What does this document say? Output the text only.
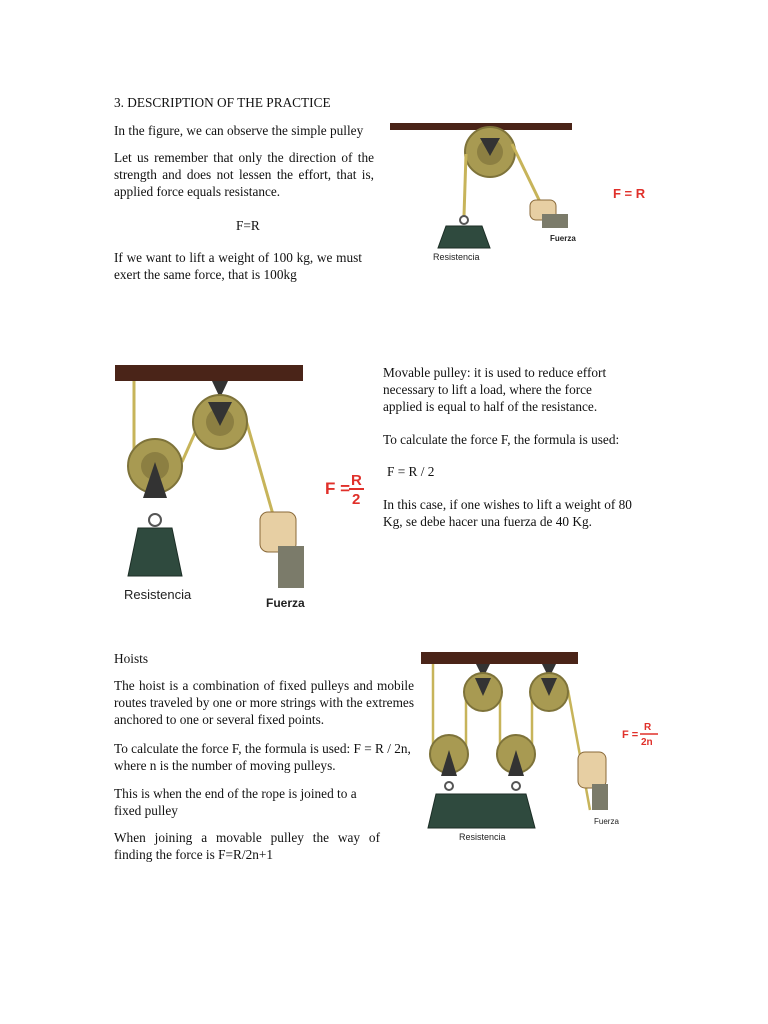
3. DESCRIPTION OF THE PRACTICE
In the figure, we can observe the simple pulley
Let us remember that only the direction of the strength and does not lessen the effort, that is, applied force equals resistance.
F=R
If we want to lift a weight of 100 kg, we must exert the same force, that is 100kg
F = R
Resistencia
Fuerza
Resistencia
Fuerza
F = R
2
Movable pulley: it is used to reduce effort necessary to lift a load, where the force applied is equal to half of the resistance.
To calculate the force F, the formula is used:
F = R / 2
In this case, if one wishes to lift a weight of 80 Kg, se debe hacer una fuerza de 40 Kg.
Hoists
The hoist is a combination of fixed pulleys and mobile routes traveled by one or more strings with the extremes anchored to one or several fixed points.
To calculate the force F, the formula is used: F = R / 2n, where n is the number of moving pulleys.
This is when the end of the rope is joined to a fixed pulley
When joining a movable pulley the way of finding the force is F=R/2n+1
Resistencia
Fuerza
F =
R
2n
